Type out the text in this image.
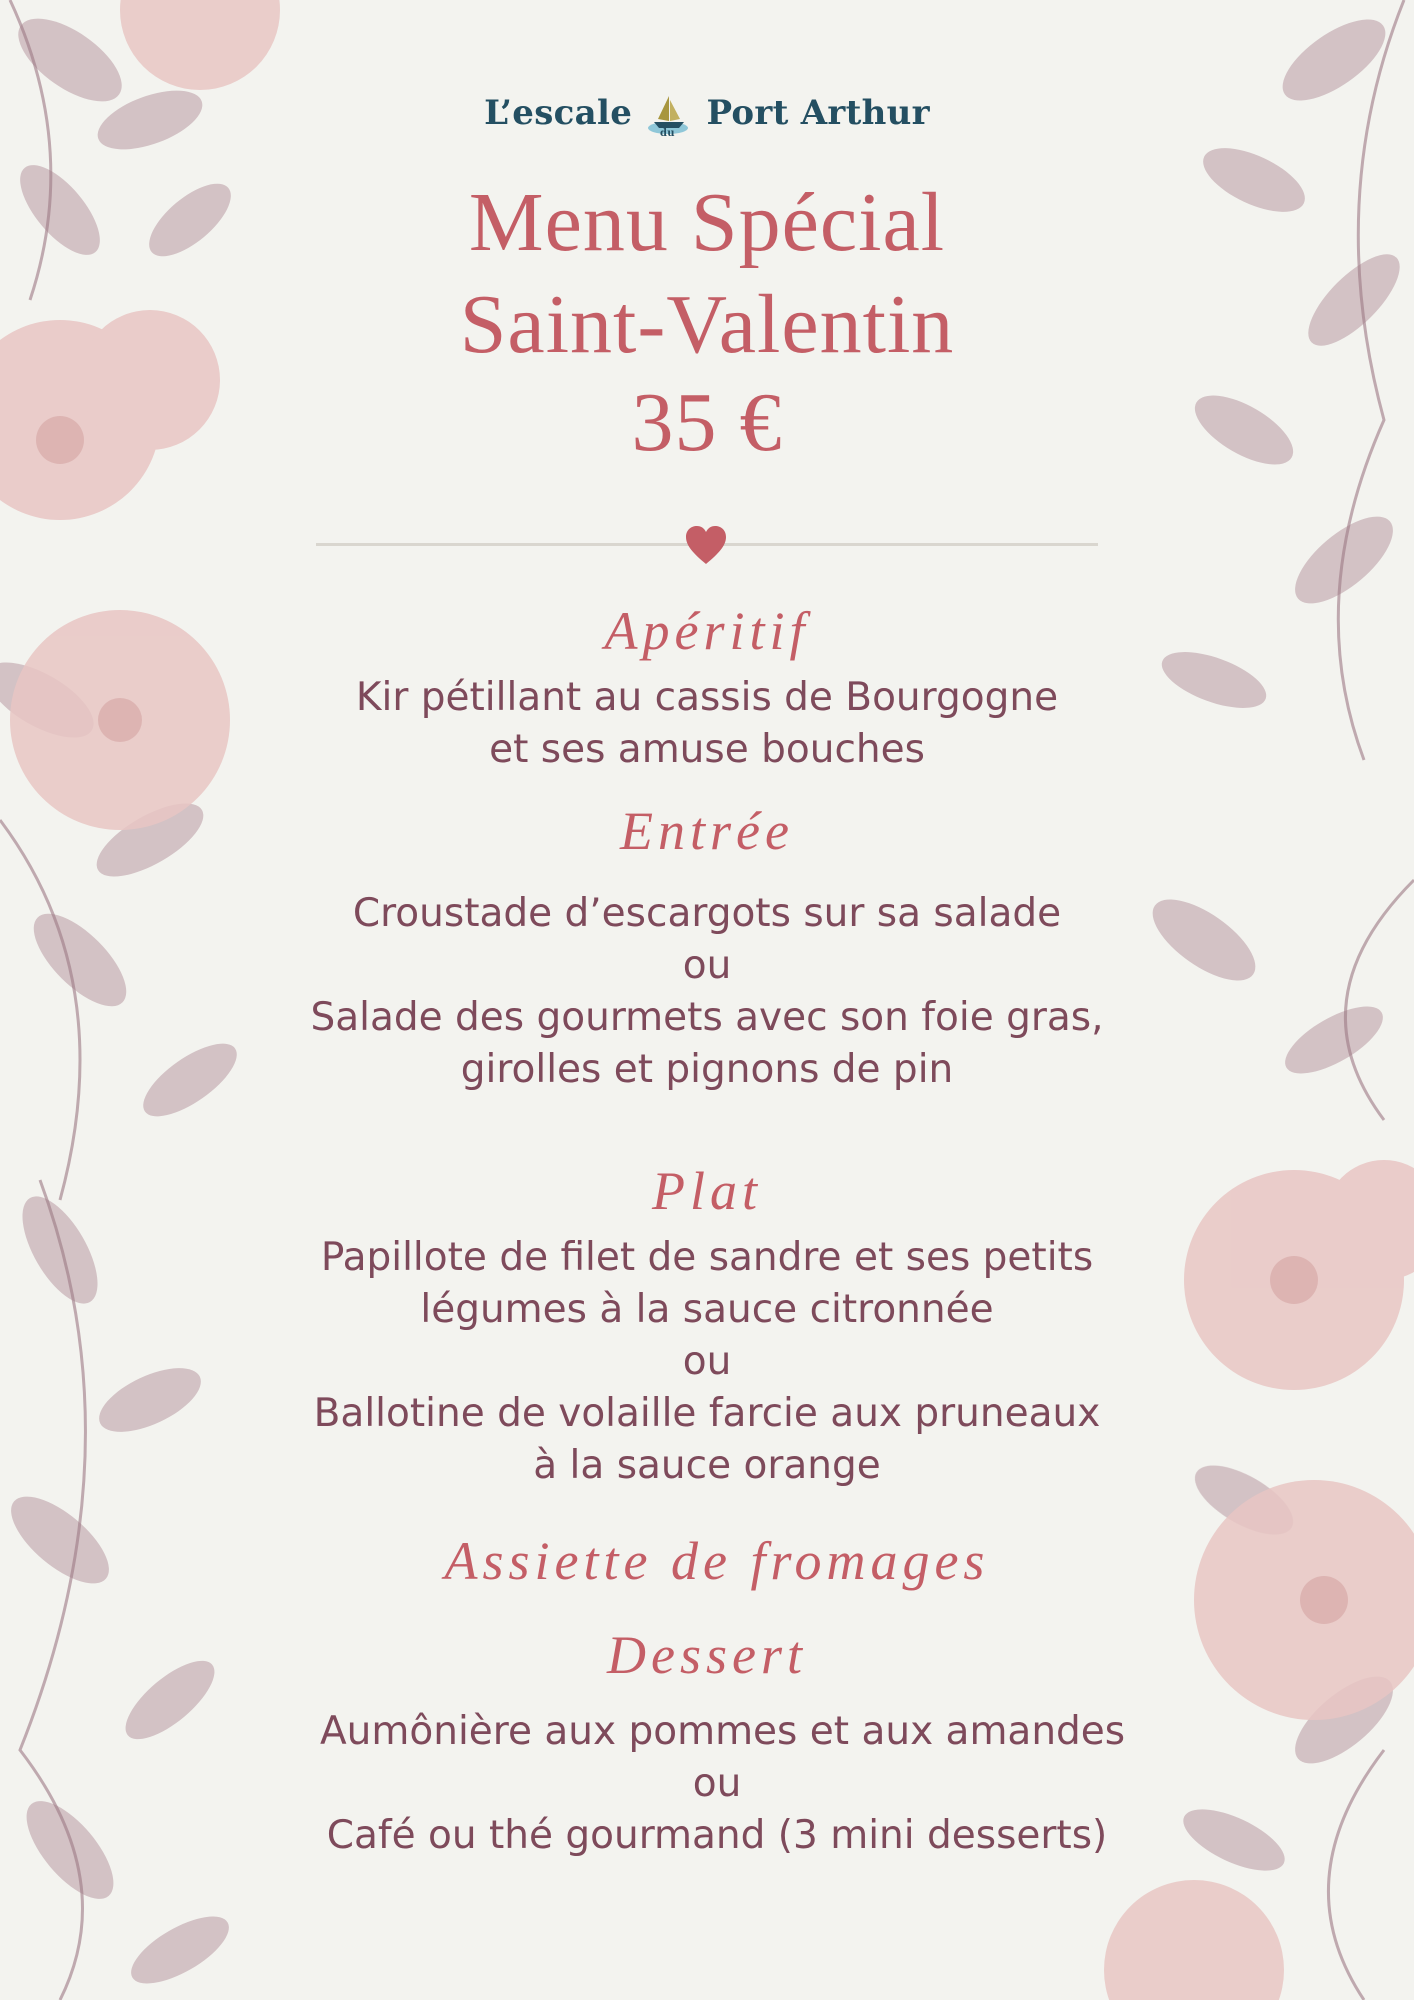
L’escale
du
Port Arthur
Menu Spécial
Saint-Valentin
35 €
Apéritif
Kir pétillant au cassis de Bourgogne
et ses amuse bouches
Entrée
Croustade d’escargots sur sa salade
ou
Salade des gourmets avec son foie gras,
girolles et pignons de pin
Plat
Papillote de filet de sandre et ses petits
légumes à la sauce citronnée
ou
Ballotine de volaille farcie aux pruneaux
à la sauce orange
Assiette de fromages
Dessert
Aumônière aux pommes et aux amandes
ou
Café ou thé gourmand (3 mini desserts)
